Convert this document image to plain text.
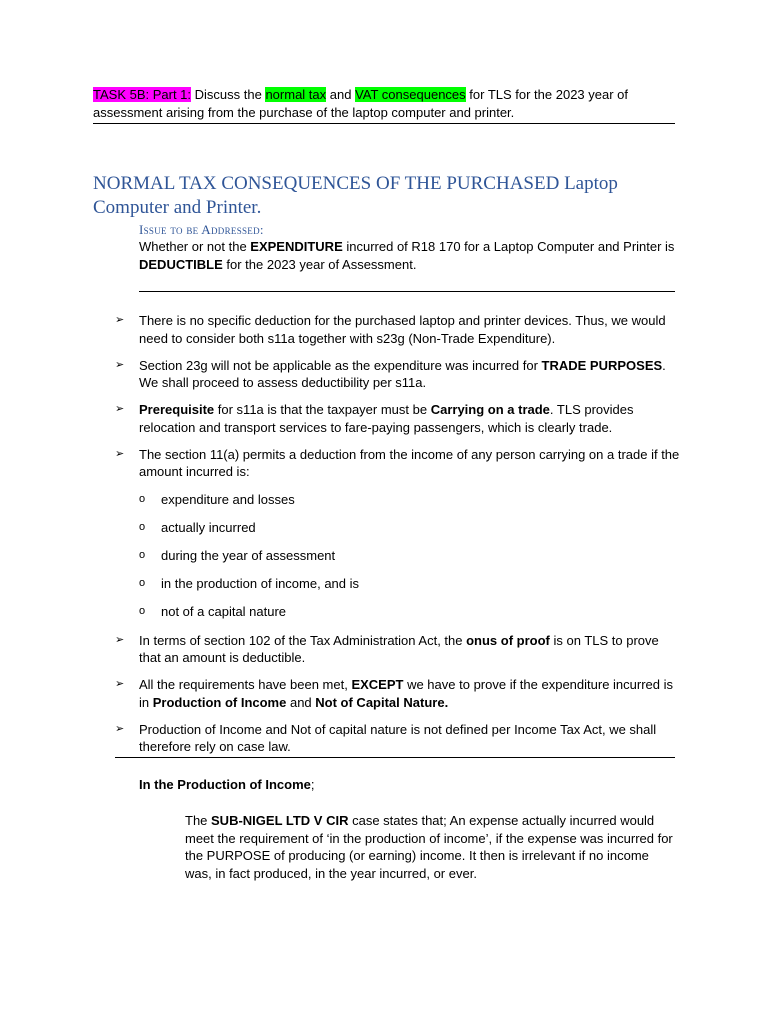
TASK 5B: Part 1: Discuss the normal tax and VAT consequences for TLS for the 2023 year of assessment arising from the purchase of the laptop computer and printer.
NORMAL TAX CONSEQUENCES OF THE PURCHASED Laptop Computer and Printer.
Issue to be Addressed:
Whether or not the EXPENDITURE incurred of R18 170 for a Laptop Computer and Printer is DEDUCTIBLE for the 2023 year of Assessment.
➢ There is no specific deduction for the purchased laptop and printer devices. Thus, we would need to consider both s11a together with s23g (Non-Trade Expenditure).
➢ Section 23g will not be applicable as the expenditure was incurred for TRADE PURPOSES. We shall proceed to assess deductibility per s11a.
➢ Prerequisite for s11a is that the taxpayer must be Carrying on a trade. TLS provides relocation and transport services to fare-paying passengers, which is clearly trade.
➢ The section 11(a) permits a deduction from the income of any person carrying on a trade if the amount incurred is:
o expenditure and losses
o actually incurred
o during the year of assessment
o in the production of income, and is
o not of a capital nature
➢ In terms of section 102 of the Tax Administration Act, the onus of proof is on TLS to prove that an amount is deductible.
➢ All the requirements have been met, EXCEPT we have to prove if the expenditure incurred is in Production of Income and Not of Capital Nature.
➢ Production of Income and Not of capital nature is not defined per Income Tax Act, we shall therefore rely on case law.
In the Production of Income;
The SUB-NIGEL LTD V CIR case states that; An expense actually incurred would meet the requirement of ‘in the production of income’, if the expense was incurred for the PURPOSE of producing (or earning) income. It then is irrelevant if no income was, in fact produced, in the year incurred, or ever.
